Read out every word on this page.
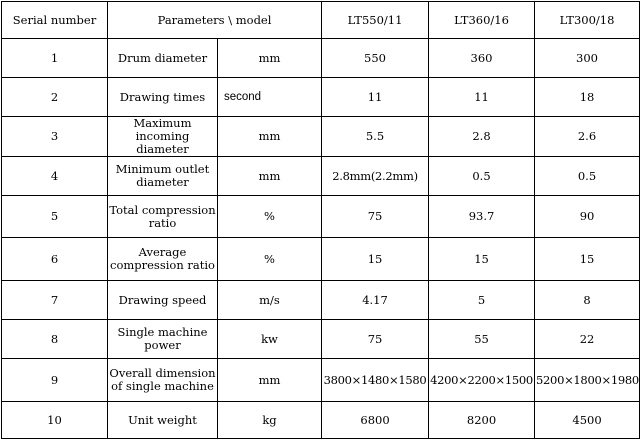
Serial number	Parameters \ model		LT550/11	LT360/16	LT300/18
1	Drum diameter	mm	550	360	300
2	Drawing times	second	11	11	18
3	Maximum incoming diameter	mm	5.5	2.8	2.6
4	Minimum outlet diameter	mm	2.8mm(2.2mm)	0.5	0.5
5	Total compression ratio	%	75	93.7	90
6	Average compression ratio	%	15	15	15
7	Drawing speed	m/s	4.17	5	8
8	Single machine power	kw	75	55	22
9	Overall dimension of single machine	mm	3800×1480×1580	4200×2200×1500	5200×1800×1980
10	Unit weight	kg	6800	8200	4500
